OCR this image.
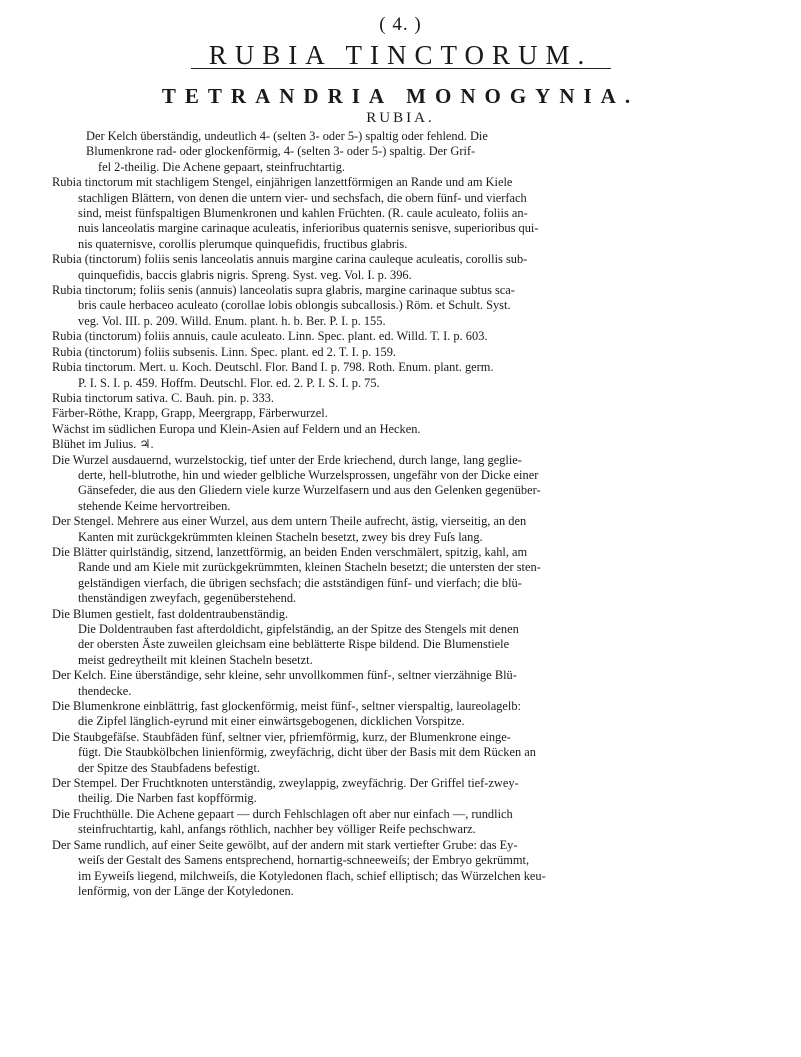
( 4. )
RUBIA TINCTORUM.
TETRANDRIA MONOGYNIA.
RUBIA.

Der Kelch überständig, undeutlich 4- (selten 3- oder 5-) spaltig oder fehlend. Die

Blumenkrone rad- oder glockenförmig, 4- (selten 3- oder 5-) spaltig. Der Grif-

fel 2-theilig. Die Achene gepaart, steinfruchtartig.

Rubia tinctorum mit stachligem Stengel, einjährigen lanzettförmigen an Rande und am Kiele

stachligen Blättern, von denen die untern vier- und sechsfach, die obern fünf- und vierfach

sind, meist fünfspaltigen Blumenkronen und kahlen Früchten. (R. caule aculeato, foliis an-

nuis lanceolatis margine carinaque aculeatis, inferioribus quaternis senisve, superioribus qui-

nis quaternisve, corollis plerumque quinquefidis, fructibus glabris.

Rubia (tinctorum) foliis senis lanceolatis annuis margine carina cauleque aculeatis, corollis sub-

quinquefidis, baccis glabris nigris. Spreng. Syst. veg. Vol. I. p. 396.

Rubia tinctorum; foliis senis (annuis) lanceolatis supra glabris, margine carinaque subtus sca-

bris caule herbaceo aculeato (corollae lobis oblongis subcallosis.) Röm. et Schult. Syst.

veg. Vol. III. p. 209. Willd. Enum. plant. h. b. Ber. P. I. p. 155.

Rubia (tinctorum) foliis annuis, caule aculeato. Linn. Spec. plant. ed. Willd. T. I. p. 603.

Rubia (tinctorum) foliis subsenis. Linn. Spec. plant. ed 2. T. I. p. 159.

Rubia tinctorum. Mert. u. Koch. Deutschl. Flor. Band I. p. 798. Roth. Enum. plant. germ.

P. I. S. I. p. 459. Hoffm. Deutschl. Flor. ed. 2. P. I. S. I. p. 75.

Rubia tinctorum sativa. C. Bauh. pin. p. 333.

Färber-Röthe, Krapp, Grapp, Meergrapp, Färberwurzel.

Wächst im südlichen Europa und Klein-Asien auf Feldern und an Hecken.

Blühet im Julius. ♃.

Die Wurzel ausdauernd, wurzelstockig, tief unter der Erde kriechend, durch lange, lang geglie-

derte, hell-blutrothe, hin und wieder gelbliche Wurzelsprossen, ungefähr von der Dicke einer

Gänsefeder, die aus den Gliedern viele kurze Wurzelfasern und aus den Gelenken gegenüber-

stehende Keime hervortreiben.

Der Stengel. Mehrere aus einer Wurzel, aus dem untern Theile aufrecht, ästig, vierseitig, an den

Kanten mit zurückgekrümmten kleinen Stacheln besetzt, zwey bis drey Fuſs lang.

Die Blätter quirlständig, sitzend, lanzettförmig, an beiden Enden verschmälert, spitzig, kahl, am

Rande und am Kiele mit zurückgekrümmten, kleinen Stacheln besetzt; die untersten der sten-

gelständigen vierfach, die übrigen sechsfach; die astständigen fünf- und vierfach; die blü-

thenständigen zweyfach, gegenüberstehend.

Die Blumen gestielt, fast doldentraubenständig.

Die Doldentrauben fast afterdoldicht, gipfelständig, an der Spitze des Stengels mit denen

der obersten Äste zuweilen gleichsam eine beblätterte Rispe bildend. Die Blumenstiele

meist gedreytheilt mit kleinen Stacheln besetzt.

Der Kelch. Eine überständige, sehr kleine, sehr unvollkommen fünf-, seltner vierzähnige Blü-

thendecke.

Die Blumenkrone einblättrig, fast glockenförmig, meist fünf-, seltner vierspaltig, laureolagelb:

die Zipfel länglich-eyrund mit einer einwärtsgebogenen, dicklichen Vorspitze.

Die Staubgefäſse. Staubfäden fünf, seltner vier, pfriemförmig, kurz, der Blumenkrone einge-

fügt. Die Staubkölbchen linienförmig, zweyfächrig, dicht über der Basis mit dem Rücken an

der Spitze des Staubfadens befestigt.

Der Stempel. Der Fruchtknoten unterständig, zweylappig, zweyfächrig. Der Griffel tief-zwey-

theilig. Die Narben fast kopfförmig.

Die Fruchthülle. Die Achene gepaart — durch Fehlschlagen oft aber nur einfach —, rundlich

steinfruchtartig, kahl, anfangs röthlich, nachher bey völliger Reife pechschwarz.

Der Same rundlich, auf einer Seite gewölbt, auf der andern mit stark vertiefter Grube: das Ey-

weiſs der Gestalt des Samens entsprechend, hornartig-schneeweiſs; der Embryo gekrümmt,

im Eyweiſs liegend, milchweiſs, die Kotyledonen flach, schief elliptisch; das Würzelchen keu-

lenförmig, von der Länge der Kotyledonen.
